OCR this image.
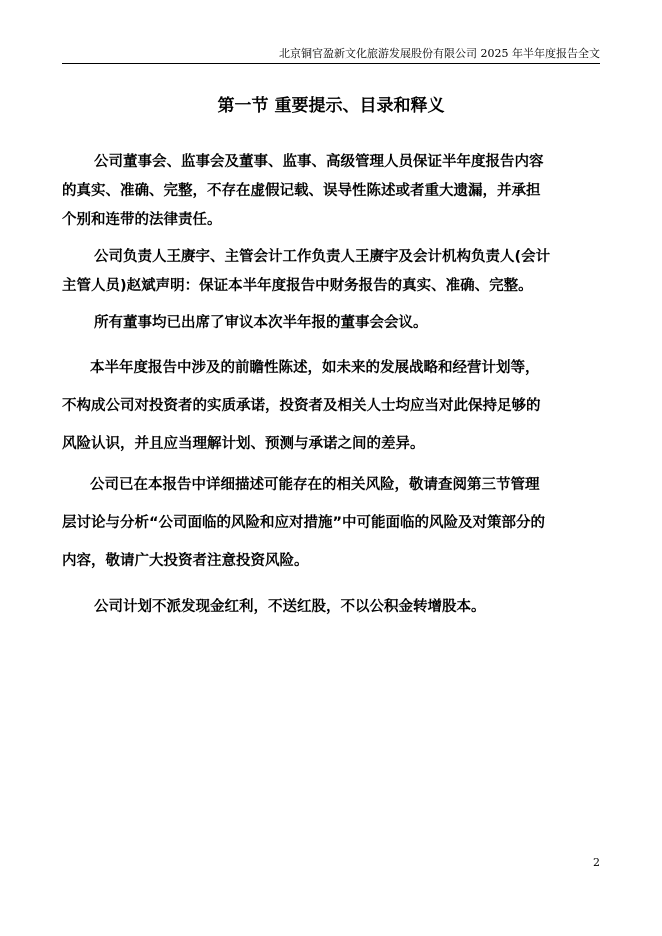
北京铜官盈新文化旅游发展股份有限公司 2025 年半年度报告全文
第一节 重要提示、目录和释义
公司董事会、监事会及董事、监事、高级管理人员保证半年度报告内容
的真实、准确、完整，不存在虚假记载、误导性陈述或者重大遗漏，并承担
个别和连带的法律责任。
公司负责人王赓宇、主管会计工作负责人王赓宇及会计机构负责人(会计
主管人员)赵斌声明：保证本半年度报告中财务报告的真实、准确、完整。
所有董事均已出席了审议本次半年报的董事会会议。
本半年度报告中涉及的前瞻性陈述，如未来的发展战略和经营计划等，
不构成公司对投资者的实质承诺，投资者及相关人士均应当对此保持足够的
风险认识，并且应当理解计划、预测与承诺之间的差异。
公司已在本报告中详细描述可能存在的相关风险，敬请查阅第三节管理
层讨论与分析“公司面临的风险和应对措施”中可能面临的风险及对策部分的
内容，敬请广大投资者注意投资风险。
公司计划不派发现金红利，不送红股，不以公积金转增股本。
2
